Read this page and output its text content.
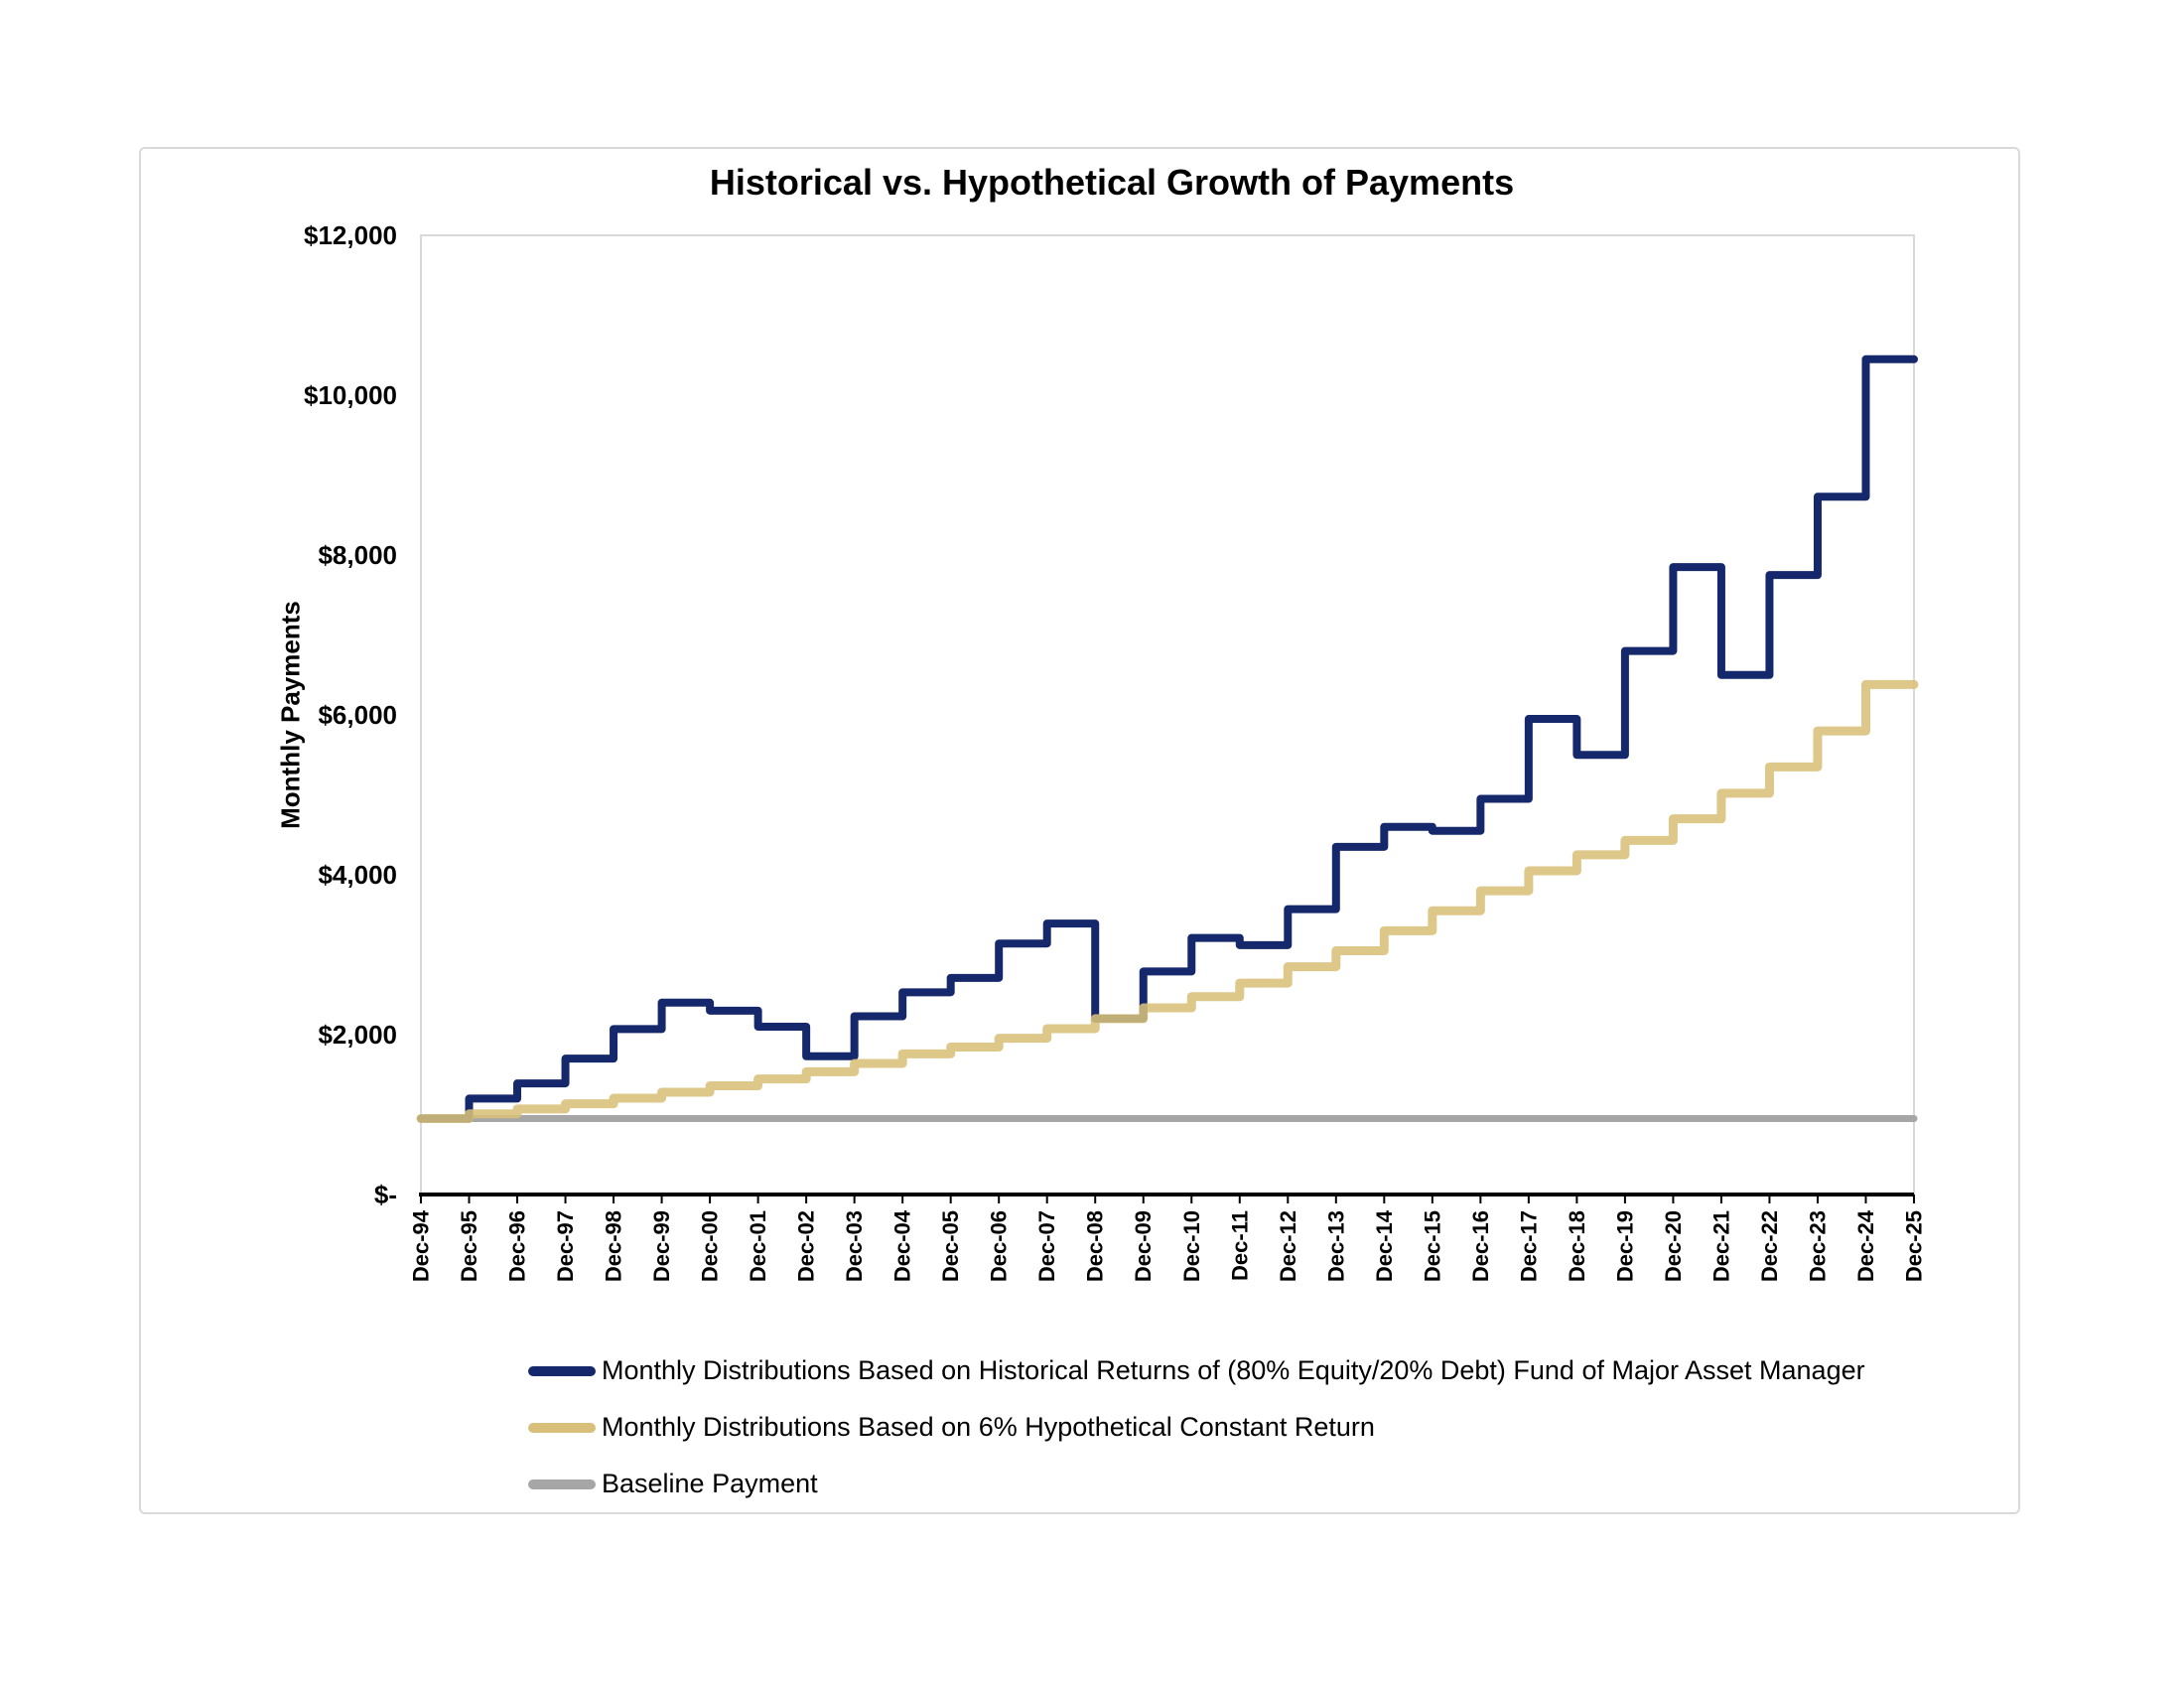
Historical vs. Hypothetical Growth of Payments
Monthly Payments
Dec-94 Dec-95 Dec-96 Dec-97 Dec-98 Dec-99 Dec-00 Dec-01 Dec-02 Dec-03 Dec-04 Dec-05 Dec-06 Dec-07 Dec-08 Dec-09 Dec-10 Dec-11 Dec-12 Dec-13 Dec-14 Dec-15 Dec-16 Dec-17 Dec-18 Dec-19 Dec-20 Dec-21 Dec-22 Dec-23 Dec-24 Dec-25
$-
$2,000
$4,000
$6,000
$8,000
$10,000
$12,000
Monthly Distributions Based on Historical Returns of (80% Equity/20% Debt) Fund of Major Asset Manager
Monthly Distributions Based on 6% Hypothetical Constant Return
Baseline Payment
